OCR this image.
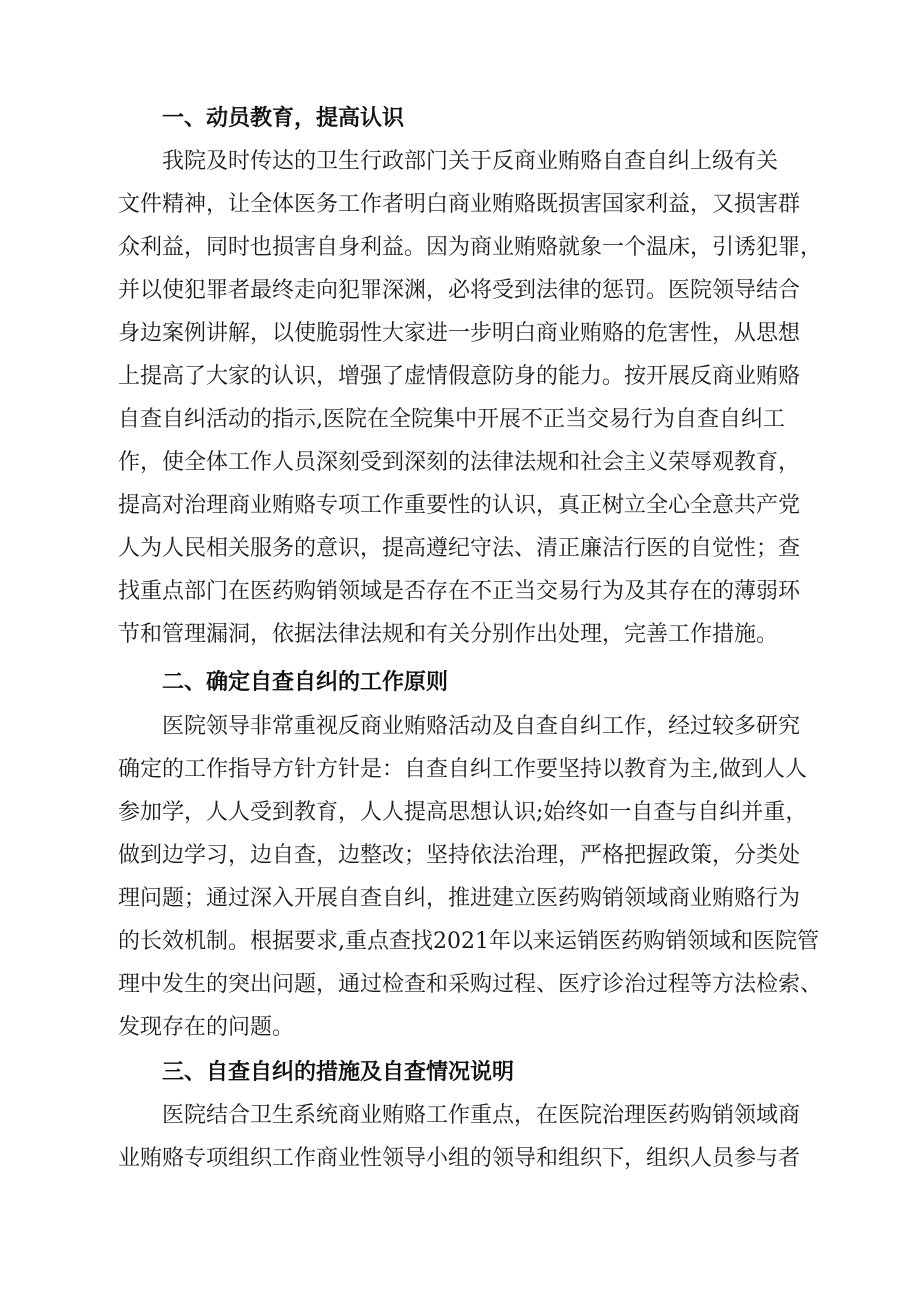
一、动员教育，提高认识
我院及时传达的卫生行政部门关于反商业贿赂自查自纠上级有关
文件精神，让全体医务工作者明白商业贿赂既损害国家利益，又损害群
众利益，同时也损害自身利益。因为商业贿赂就象一个温床，引诱犯罪，
并以使犯罪者最终走向犯罪深渊，必将受到法律的惩罚。医院领导结合
身边案例讲解，以使脆弱性大家进一步明白商业贿赂的危害性，从思想
上提高了大家的认识，增强了虚情假意防身的能力。按开展反商业贿赂
自查自纠活动的指示,医院在全院集中开展不正当交易行为自查自纠工
作，使全体工作人员深刻受到深刻的法律法规和社会主义荣辱观教育，
提高对治理商业贿赂专项工作重要性的认识，真正树立全心全意共产党
人为人民相关服务的意识，提高遵纪守法、清正廉洁行医的自觉性；查
找重点部门在医药购销领域是否存在不正当交易行为及其存在的薄弱环
节和管理漏洞，依据法律法规和有关分别作出处理，完善工作措施。
二、确定自查自纠的工作原则
医院领导非常重视反商业贿赂活动及自查自纠工作，经过较多研究
确定的工作指导方针方针是：自查自纠工作要坚持以教育为主,做到人人
参加学，人人受到教育，人人提高思想认识;始终如一自查与自纠并重，
做到边学习，边自查，边整改；坚持依法治理，严格把握政策，分类处
理问题；通过深入开展自查自纠，推进建立医药购销领域商业贿赂行为
的长效机制。根据要求,重点查找2021年以来运销医药购销领域和医院管
理中发生的突出问题，通过检查和采购过程、医疗诊治过程等方法检索、
发现存在的问题。
三、自查自纠的措施及自查情况说明
医院结合卫生系统商业贿赂工作重点，在医院治理医药购销领域商
业贿赂专项组织工作商业性领导小组的领导和组织下，组织人员参与者
